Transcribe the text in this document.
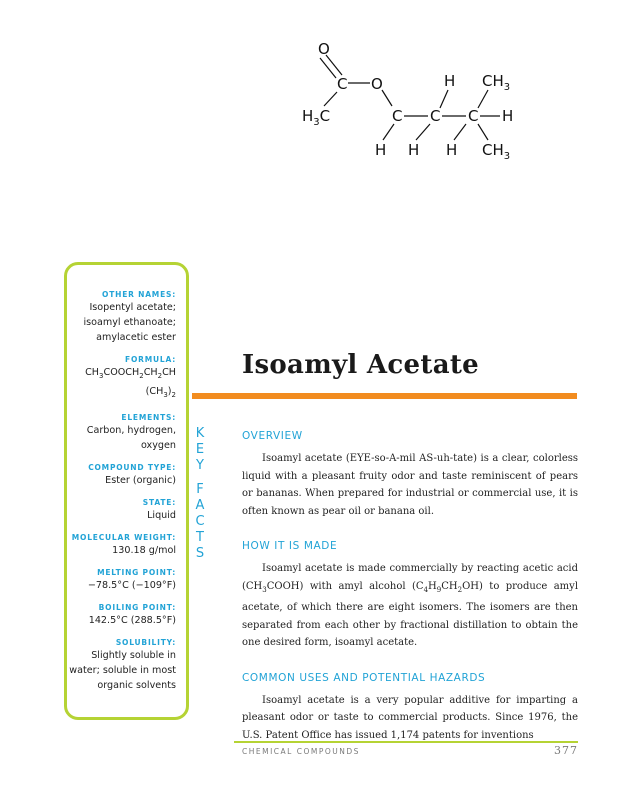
O
C O
$H_3C$	C C C
H
H
$CH_3$
$CH_3$
H H H
OTHER NAMES:
Isopentyl acetate;
isoamyl ethanoate;
amylacetic ester
FORMULA:
$CH_3COOCH_2CH_2CH$
$(CH_3)_2$
ELEMENTS:
Carbon, hydrogen,
oxygen
COMPOUND TYPE:
Ester (organic)
STATE:
Liquid
MOLECULAR WEIGHT:
130.18 g/mol
MELTING POINT:
−78.5°C (−109°F)
BOILING POINT:
142.5°C (288.5°F)
SOLUBILITY:
Slightly soluble in
water; soluble in most
organic solvents
K
E
Y
F
A
C
T
S
Isoamyl Acetate
OVERVIEW

Isoamyl acetate (EYE-so-A-mil AS-uh-tate) is a clear, colorless liquid with a pleasant fruity odor and taste reminiscent of pears or bananas. When prepared for industrial or commercial use, it is often known as pear oil or banana oil.

HOW IT IS MADE

Isoamyl acetate is made commercially by reacting acetic acid $(CH_3COOH)$ with amyl alcohol $(C_4H_9CH_2OH)$ to produce amyl acetate, of which there are eight isomers. The isomers are then separated from each other by fractional distillation to obtain the one desired form, isoamyl acetate.

COMMON USES AND POTENTIAL HAZARDS

Isoamyl acetate is a very popular additive for imparting a pleasant odor or taste to commercial products. Since 1976, the U.S. Patent Office has issued 1,174 patents for inventions

CHEMICAL COMPOUNDS	377
